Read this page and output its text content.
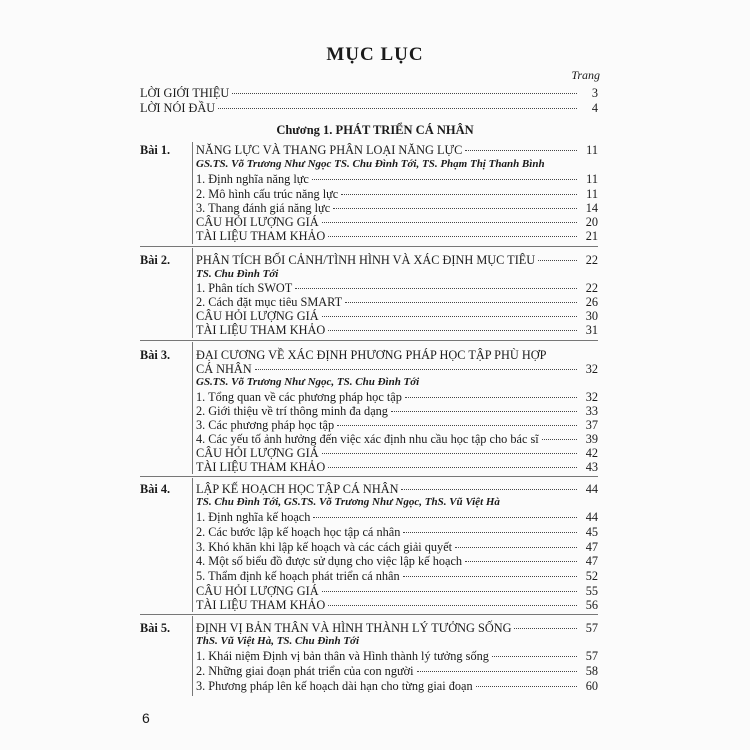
MỤC LỤC
Trang
LỜI GIỚI THIỆU	3
LỜI NÓI ĐẦU	4
Chương 1. PHÁT TRIỂN CÁ NHÂN
Bài 1. NĂNG LỰC VÀ THANG PHÂN LOẠI NĂNG LỰC	11
GS.TS. Võ Trương Như Ngọc TS. Chu Đình Tới, TS. Phạm Thị Thanh Bình
1. Định nghĩa năng lực	11
2. Mô hình cấu trúc năng lực	11
3. Thang đánh giá năng lực	14
CÂU HỎI LƯỢNG GIÁ	20
TÀI LIỆU THAM KHẢO	21
Bài 2. PHÂN TÍCH BỐI CẢNH/TÌNH HÌNH VÀ XÁC ĐỊNH MỤC TIÊU	22
TS. Chu Đình Tới
1. Phân tích SWOT	22
2. Cách đặt mục tiêu SMART	26
CÂU HỎI LƯỢNG GIÁ	30
TÀI LIỆU THAM KHẢO	31
Bài 3. ĐẠI CƯƠNG VỀ XÁC ĐỊNH PHƯƠNG PHÁP HỌC TẬP PHÙ HỢP
CÁ NHÂN	32
GS.TS. Võ Trương Như Ngọc, TS. Chu Đình Tới
1. Tổng quan về các phương pháp học tập	32
2. Giới thiệu về trí thông minh đa dạng	33
3. Các phương pháp học tập	37
4. Các yếu tố ảnh hưởng đến việc xác định nhu cầu học tập cho bác sĩ	39
CÂU HỎI LƯỢNG GIÁ	42
TÀI LIỆU THAM KHẢO	43
Bài 4. LẬP KẾ HOẠCH HỌC TẬP CÁ NHÂN	44
TS. Chu Đình Tới, GS.TS. Võ Trương Như Ngọc, ThS. Vũ Việt Hà
1. Định nghĩa kế hoạch	44
2. Các bước lập kế hoạch học tập cá nhân	45
3. Khó khăn khi lập kế hoạch và các cách giải quyết	47
4. Một số biểu đồ được sử dụng cho việc lập kế hoạch	47
5. Thẩm định kế hoạch phát triển cá nhân	52
CÂU HỎI LƯỢNG GIÁ	55
TÀI LIỆU THAM KHẢO	56
Bài 5. ĐỊNH VỊ BẢN THÂN VÀ HÌNH THÀNH LÝ TƯỞNG SỐNG	57
ThS. Vũ Việt Hà, TS. Chu Đình Tới
1. Khái niệm Định vị bản thân và Hình thành lý tưởng sống	57
2. Những giai đoạn phát triển của con người	58
3. Phương pháp lên kế hoạch dài hạn cho từng giai đoạn	60
6
